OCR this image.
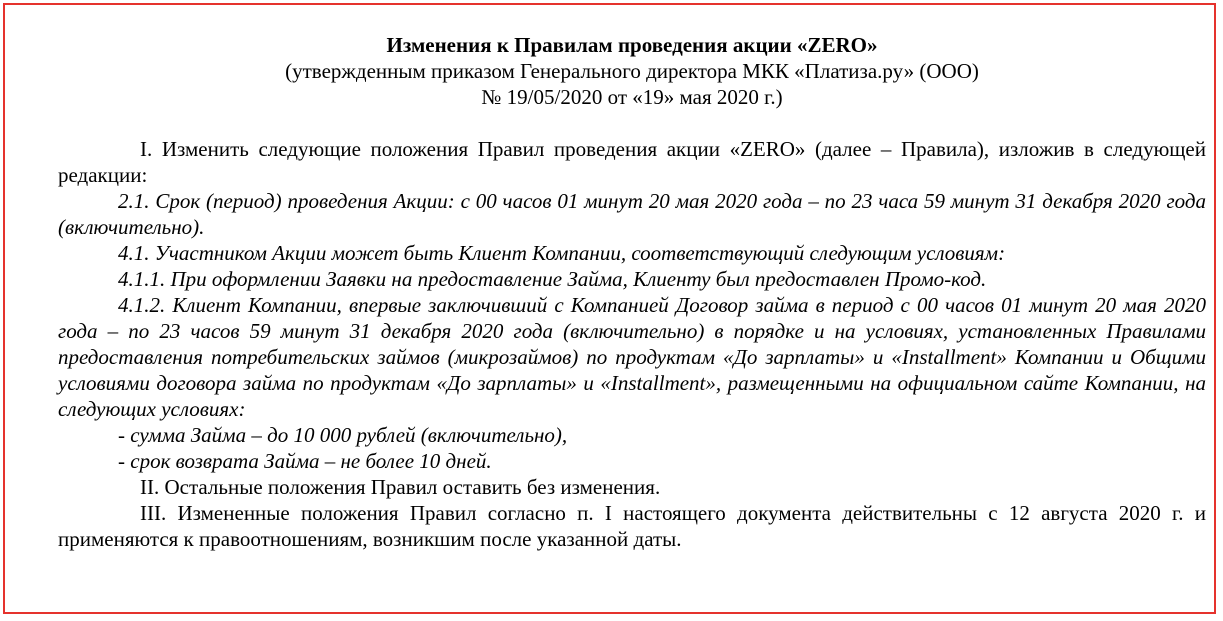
Изменения к Правилам проведения акции «ZERO»
(утвержденным приказом Генерального директора МКК «Платиза.ру» (ООО)
№ 19/05/2020 от «19» мая 2020 г.)

I. Изменить следующие положения Правил проведения акции «ZERO» (далее – Правила), изложив в следующей редакции:

2.1. Срок (период) проведения Акции: с 00 часов 01 минут 20 мая 2020 года – по 23 часа 59 минут 31 декабря 2020 года (включительно).

4.1. Участником Акции может быть Клиент Компании, соответствующий следующим условиям:

4.1.1. При оформлении Заявки на предоставление Займа, Клиенту был предоставлен Промо-код.

4.1.2. Клиент Компании, впервые заключивший с Компанией Договор займа в период с 00 часов 01 минут 20 мая 2020 года – по 23 часов 59 минут 31 декабря 2020 года (включительно) в порядке и на условиях, установленных Правилами предоставления потребительских займов (микрозаймов) по продуктам «До зарплаты» и «Installment» Компании и Общими условиями договора займа по продуктам «До зарплаты» и «Installment», размещенными на официальном сайте Компании, на следующих условиях:

- сумма Займа – до 10 000 рублей (включительно),

- срок возврата Займа – не более 10 дней.

II. Остальные положения Правил оставить без изменения.

III. Измененные положения Правил согласно п. I настоящего документа действительны с 12 августа 2020 г. и применяются к правоотношениям, возникшим после указанной даты.
